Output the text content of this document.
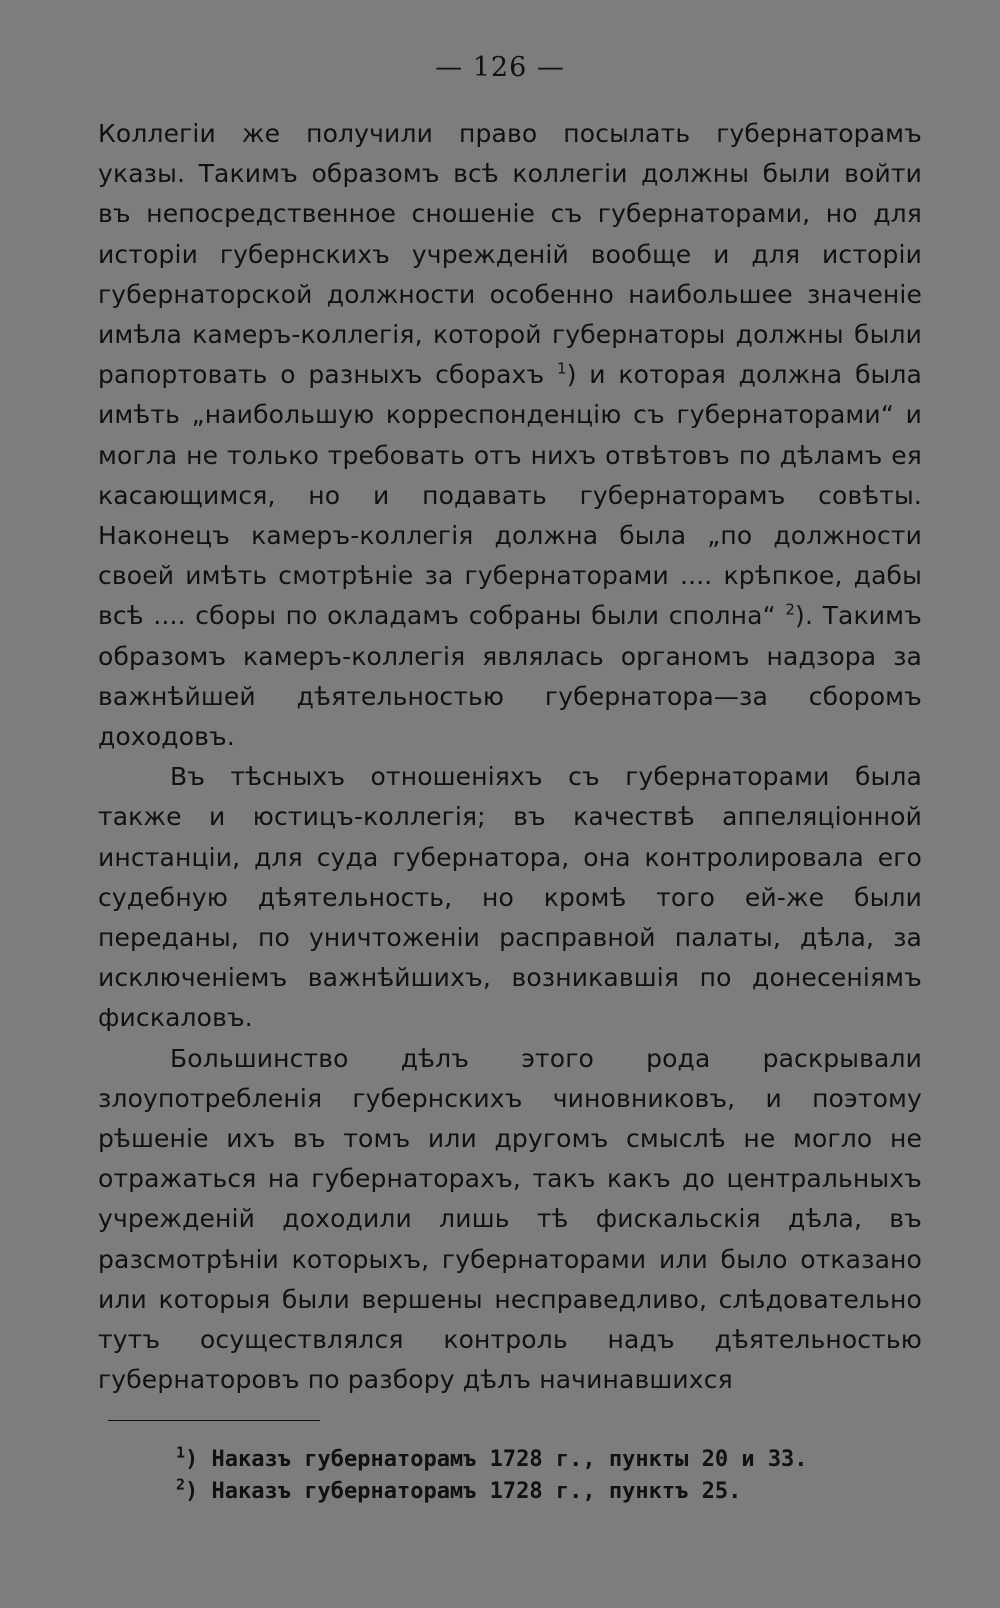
— 126 —

Коллегіи же получили право посылать губернаторамъ указы. Такимъ образомъ всѣ коллегіи должны были войти въ непосредственное сношеніе съ губернаторами, но для исторіи губернскихъ учрежденій вообще и для исторіи губернаторской должности особенно наибольшее значеніе имѣла камеръ-коллегія, которой губернаторы должны были рапортовать о разныхъ сборахъ $^1$) и которая должна была имѣть „наибольшую корреспонденцію съ губернаторами“ и могла не только требовать отъ нихъ отвѣтовъ по дѣламъ ея касающимся, но и подавать губернаторамъ совѣты. Наконецъ камеръ-коллегія должна была „по должности своей имѣть смотрѣніе за губернаторами .... крѣпкое, дабы всѣ .... сборы по окладамъ собраны были сполна“ $^2$). Такимъ образомъ камеръ-коллегія являлась органомъ надзора за важнѣйшей дѣятельностью губернатора—за сборомъ доходовъ.

Въ тѣсныхъ отношеніяхъ съ губернаторами была также и юстицъ-коллегія; въ качествѣ аппеляціонной инстанціи, для суда губернатора, она контролировала его судебную дѣятельность, но кромѣ того ей-же были переданы, по уничтоженіи расправной палаты, дѣла, за исключеніемъ важнѣйшихъ, возникавшія по донесеніямъ фискаловъ.

Большинство дѣлъ этого рода раскрывали злоупотребленія губернскихъ чиновниковъ, и поэтому рѣшеніе ихъ въ томъ или другомъ смыслѣ не могло не отражаться на губернаторахъ, такъ какъ до центральныхъ учрежденій доходили лишь тѣ фискальскія дѣла, въ разсмотрѣніи которыхъ, губернаторами или было отказано или которыя были вершены несправедливо, слѣдовательно тутъ осуществлялся контроль надъ дѣятельностью губернаторовъ по разбору дѣлъ начинавшихся

$^1$) Наказъ губернаторамъ 1728 г., пункты 20 и 33.

$^2$) Наказъ губернаторамъ 1728 г., пунктъ 25.
